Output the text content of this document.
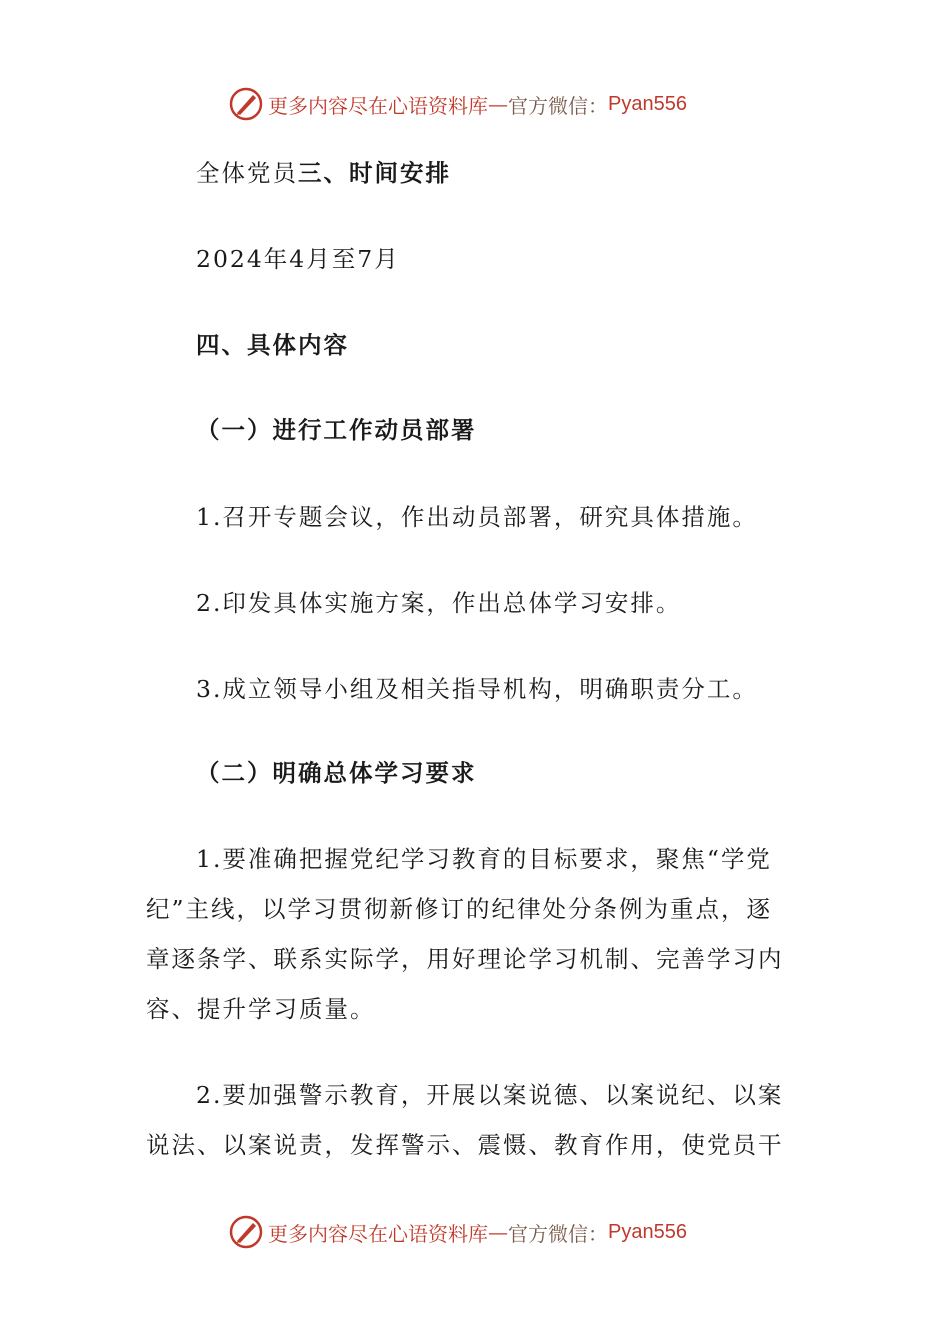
更多内容尽在心语资料库 — 官方微信： Pyan556
全体党员三、时间安排
2024年4月至7月
四、具体内容
（一）进行工作动员部署
1.召开专题会议，作出动员部署，研究具体措施。
2.印发具体实施方案，作出总体学习安排。
3.成立领导小组及相关指导机构，明确职责分工。
（二）明确总体学习要求
1.要准确把握党纪学习教育的目标要求，聚焦“学党
纪”主线，以学习贯彻新修订的纪律处分条例为重点，逐
章逐条学、联系实际学，用好理论学习机制、完善学习内
容、提升学习质量。
2.要加强警示教育，开展以案说德、以案说纪、以案
说法、以案说责，发挥警示、震慑、教育作用，使党员干
更多内容尽在心语资料库 — 官方微信： Pyan556
